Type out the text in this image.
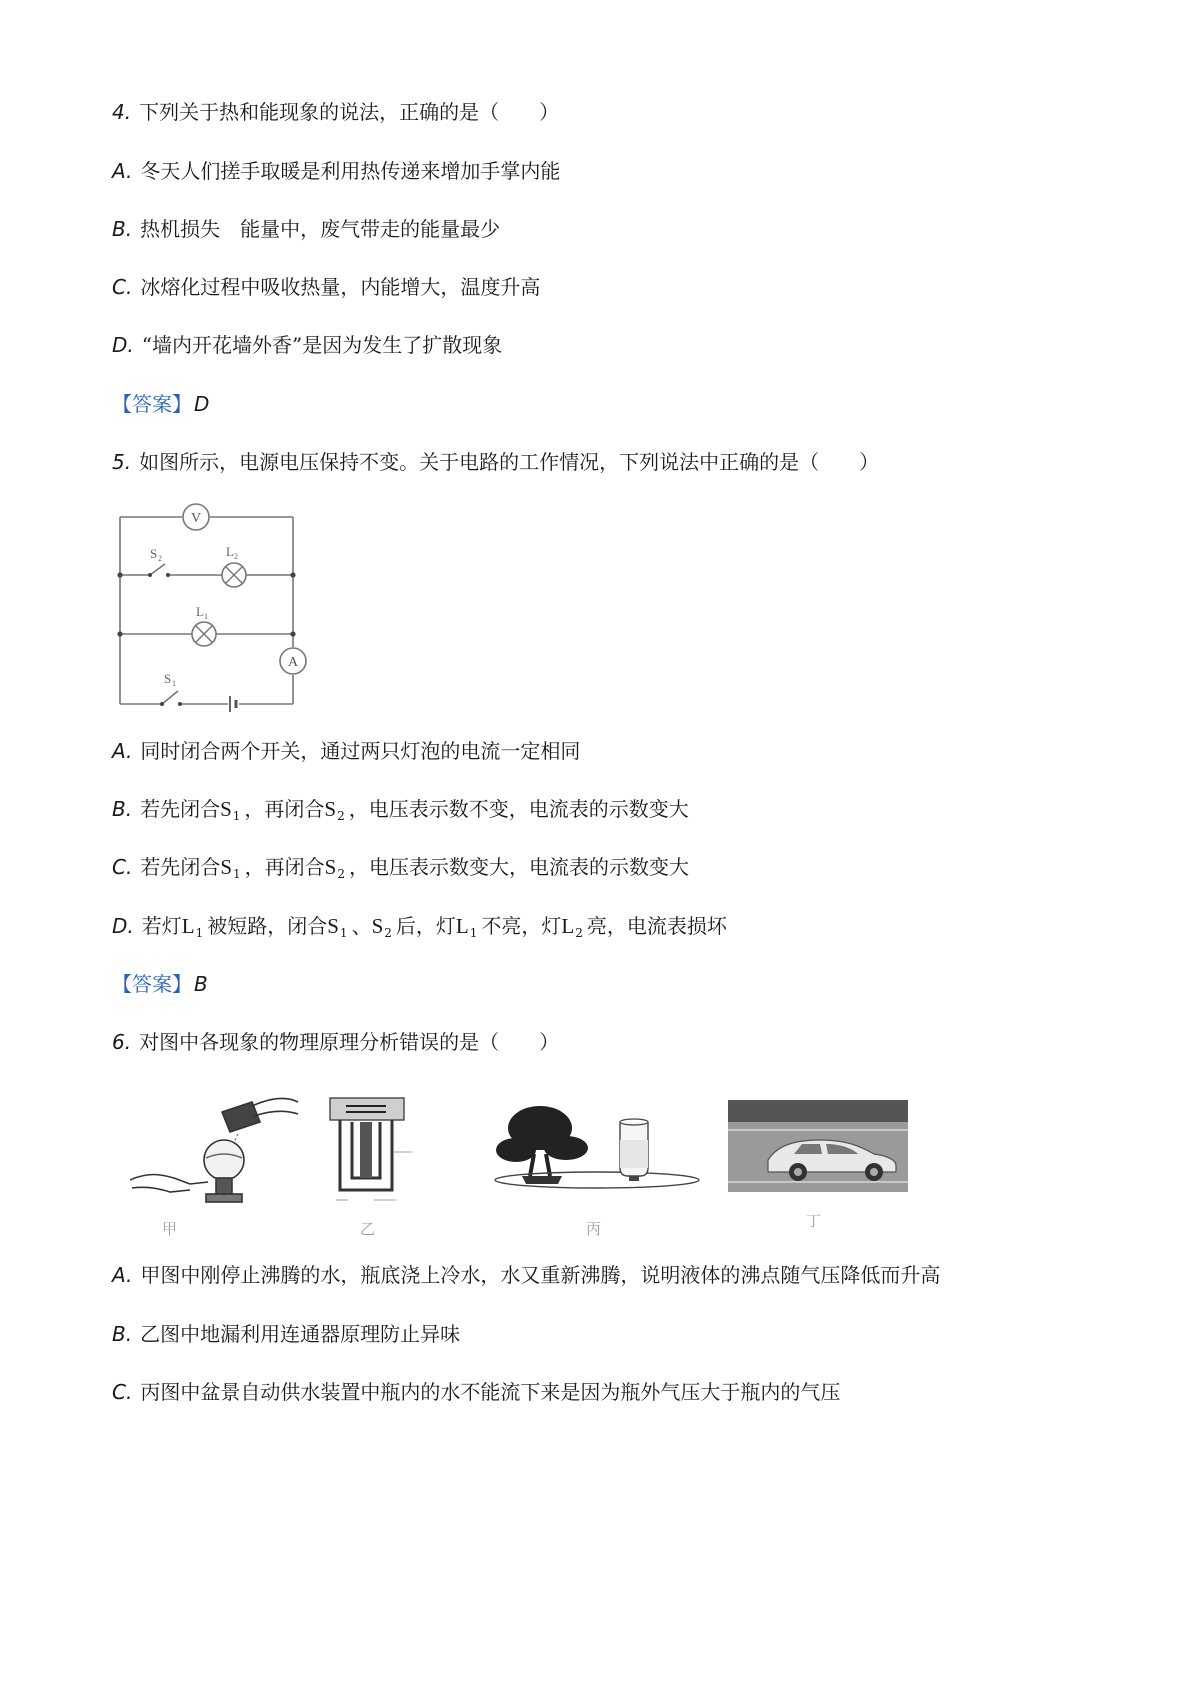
4. 下列关于热和能现象的说法，正确的是（　　）
A. 冬天人们搓手取暖是利用热传递来增加手掌内能
B. 热机损失　能量中，废气带走的能量最少
C. 冰熔化过程中吸收热量，内能增大，温度升高
D. “墙内开花墙外香”是因为发生了扩散现象
【答案】 D
5. 如图所示，电源电压保持不变。关于电路的工作情况，下列说法中正确的是（　　）
V
A
S 2	L 2
L 1
S 1
A. 同时闭合两个开关，通过两只灯泡的电流一定相同
B. 若先闭合$S_1$ ，再闭合$S_2$ ，电压表示数不变，电流表的示数变大
C. 若先闭合$S_1$ ，再闭合$S_2$ ，电压表示数变大，电流表的示数变大
D. 若灯$L_1$ 被短路，闭合$S_1$ 、$S_2$ 后，灯$L_1$ 不亮，灯$L_2$ 亮，电流表损坏
【答案】 B
6. 对图中各现象的物理原理分析错误的是（　　）
甲	乙	丙	丁
A. 甲图中刚停止沸腾的水，瓶底浇上冷水，水又重新沸腾，说明液体的沸点随气压降低而升高
B. 乙图中地漏利用连通器原理防止异味
C. 丙图中盆景自动供水装置中瓶内的水不能流下来是因为瓶外气压大于瓶内的气压
